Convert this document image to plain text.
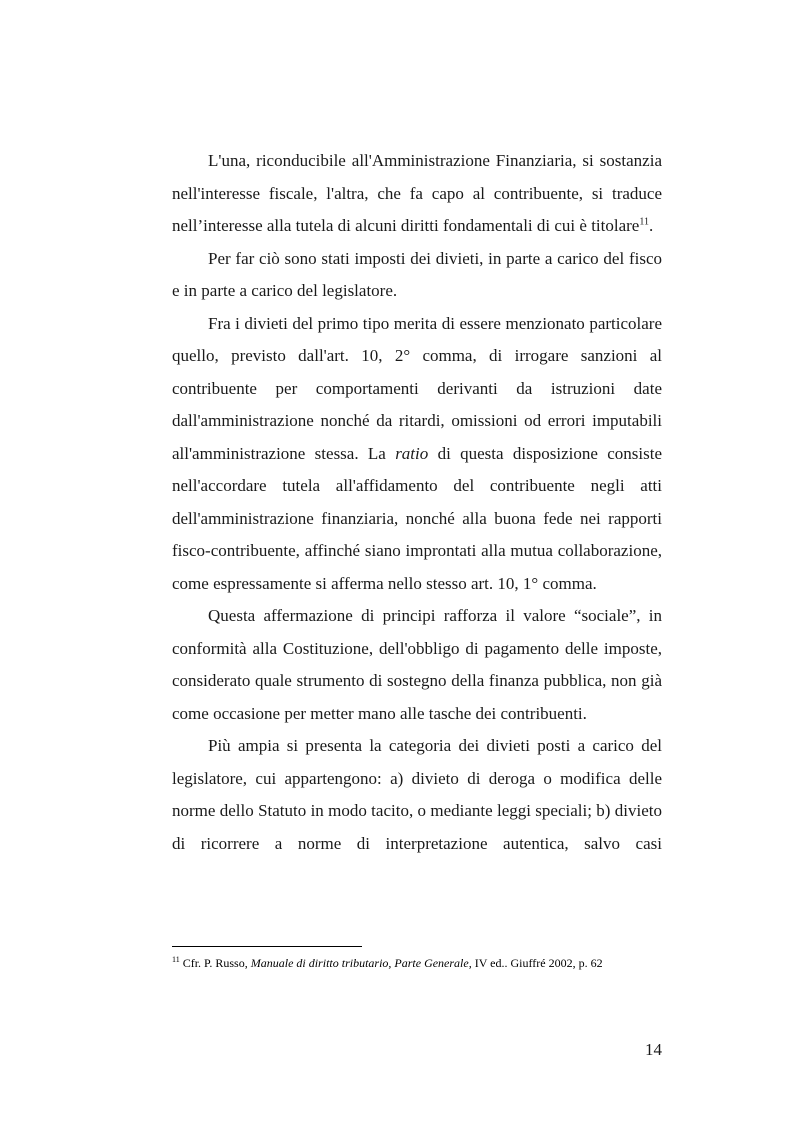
L'una, riconducibile all'Amministrazione Finanziaria, si sostanzia nell'interesse fiscale, l'altra, che fa capo al contribuente, si traduce nell’interesse alla tutela di alcuni diritti fondamentali di cui è titolare$^{11}$.

Per far ciò sono stati imposti dei divieti, in parte a carico del fisco e in parte a carico del legislatore.

Fra i divieti del primo tipo merita di essere menzionato particolare quello, previsto dall'art. 10, 2° comma, di irrogare sanzioni al contribuente per comportamenti derivanti da istruzioni date dall'amministrazione nonché da ritardi, omissioni od errori imputabili all'amministrazione stessa. La ratio di questa disposizione consiste nell'accordare tutela all'affidamento del contribuente negli atti dell'amministrazione finanziaria, nonché alla buona fede nei rapporti fisco-contribuente, affinché siano improntati alla mutua collaborazione, come espressamente si afferma nello stesso art. 10, 1° comma.

Questa affermazione di principi rafforza il valore “sociale”, in conformità alla Costituzione, dell'obbligo di pagamento delle imposte, considerato quale strumento di sostegno della finanza pubblica, non già come occasione per metter mano alle tasche dei contribuenti.

Più ampia si presenta la categoria dei divieti posti a carico del legislatore, cui appartengono: a) divieto di deroga o modifica delle norme dello Statuto in modo tacito, o mediante leggi speciali; b) divieto di ricorrere a norme di interpretazione autentica, salvo casi

$^{11}$ Cfr. P. Russo, Manuale di diritto tributario, Parte Generale, IV ed.. Giuffré 2002, p. 62
14
